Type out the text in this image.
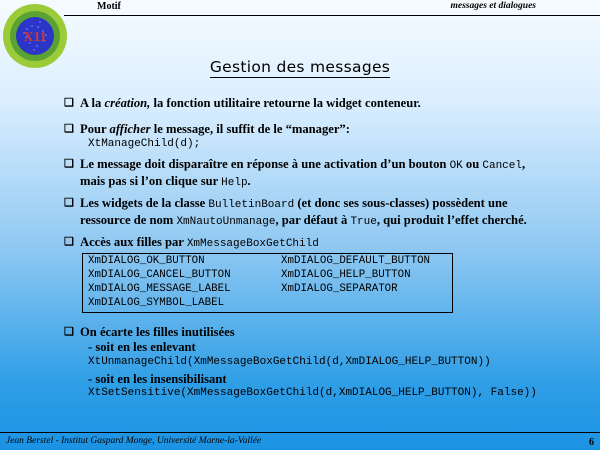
Motif	messages et dialogues
X11
Gestion des messages
❑ A la création, la fonction utilitaire retourne la widget conteneur.
❑ Pour afficher le message, il suffit de le “manager”:
XtManageChild(d);
❑ Le message doit disparaître en réponse à une activation d’un bouton OK ou Cancel,
mais pas si l’on clique sur Help.
❑ Les widgets de la classe BulletinBoard (et donc ses sous-classes) possèdent une
ressource de nom XmNautoUnmanage, par défaut à True, qui produit l’effet cherché.
❑ Accès aux filles par XmMessageBoxGetChild
XmDIALOG_OK_BUTTON	XmDIALOG_DEFAULT_BUTTON
XmDIALOG_CANCEL_BUTTON	XmDIALOG_HELP_BUTTON
XmDIALOG_MESSAGE_LABEL	XmDIALOG_SEPARATOR
XmDIALOG_SYMBOL_LABEL
❑ On écarte les filles inutilisées
- soit en les enlevant
XtUnmanageChild(XmMessageBoxGetChild(d,XmDIALOG_HELP_BUTTON))
- soit en les insensibilisant
XtSetSensitive(XmMessageBoxGetChild(d,XmDIALOG_HELP_BUTTON), False))
Jean Berstel - Institut Gaspard Monge, Université Marne-la-Vallée	6
